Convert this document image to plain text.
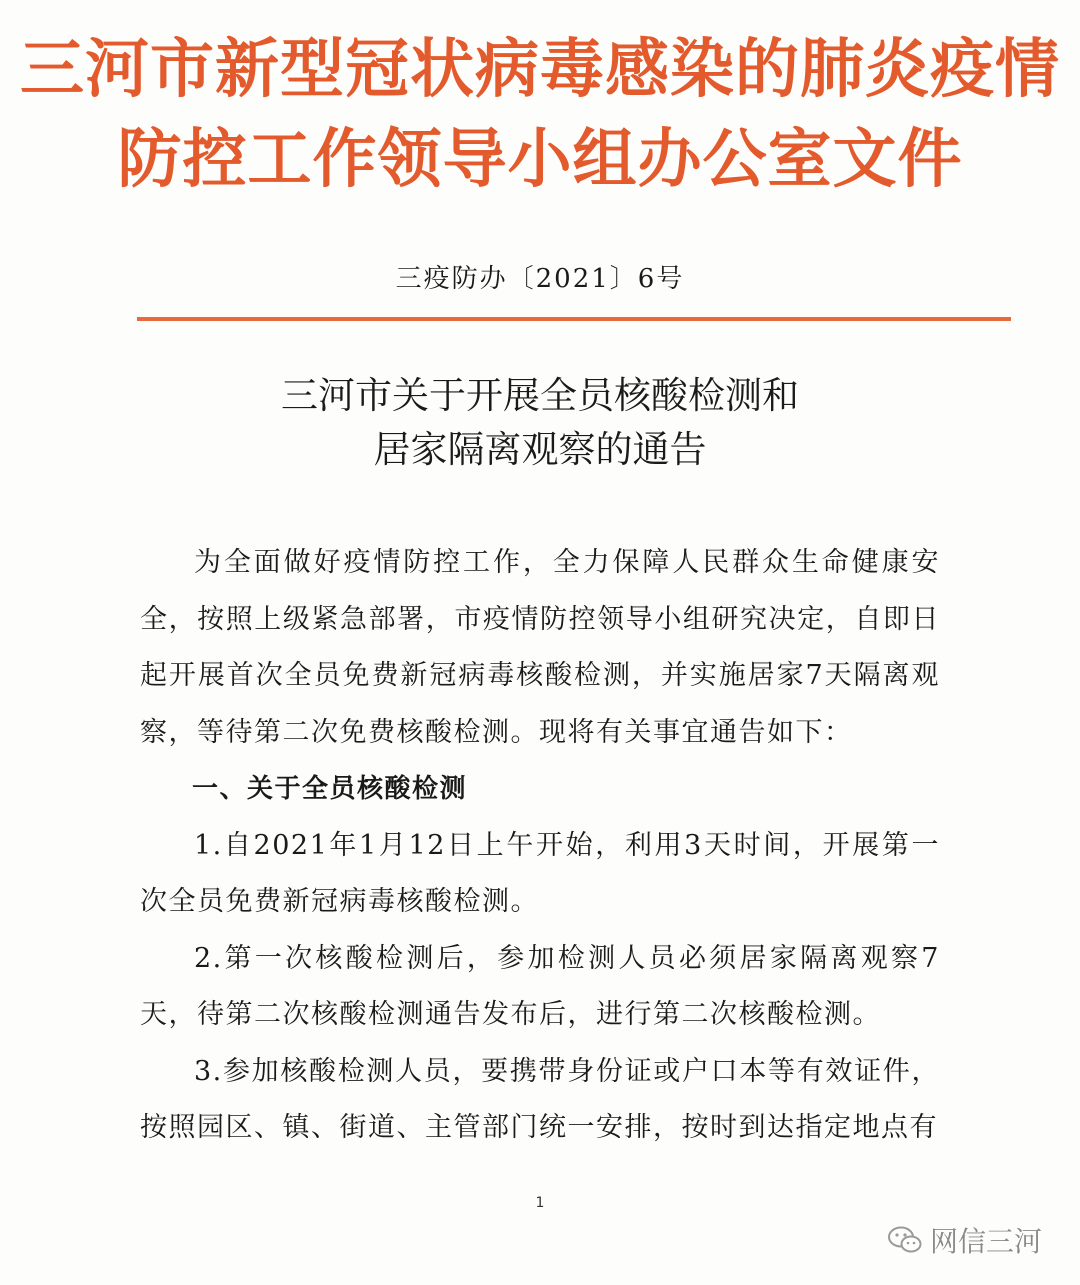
三河市新型冠状病毒感染的肺炎疫情
防控工作领导小组办公室文件
三疫防办〔2021〕6号
三河市关于开展全员核酸检测和
居家隔离观察的通告

为全面做好疫情防控工作，全力保障人民群众生命健康安全，按照上级紧急部署，市疫情防控领导小组研究决定，自即日起开展首次全员免费新冠病毒核酸检测，并实施居家7天隔离观察，等待第二次免费核酸检测。现将有关事宜通告如下：

一、关于全员核酸检测

1.自2021年1月12日上午开始，利用3天时间，开展第一次全员免费新冠病毒核酸检测。

2.第一次核酸检测后，参加检测人员必须居家隔离观察7天，待第二次核酸检测通告发布后，进行第二次核酸检测。

3.参加核酸检测人员，要携带身份证或户口本等有效证件，按照园区、镇、街道、主管部门统一安排，按时到达指定地点有

1
网信三河
